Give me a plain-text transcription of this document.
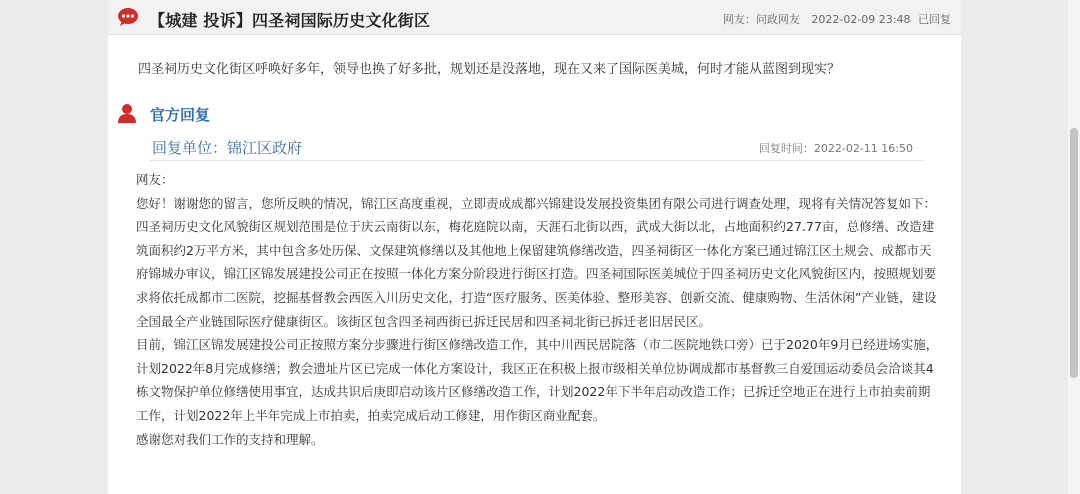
【城建 投诉】四圣祠国际历史文化街区	网友：问政网友 2022-02-09 23:48 已回复
四圣祠历史文化街区呼唤好多年，领导也换了好多批，规划还是没落地，现在又来了国际医美城，何时才能从蓝图到现实？
官方回复
回复单位：锦江区政府	回复时间：2022-02-11 16:50

网友：

您好！谢谢您的留言，您所反映的情况，锦江区高度重视，立即责成成都兴锦建设发展投资集团有限公司进行调查处理，现将有关情况答复如下：

四圣祠历史文化风貌街区规划范围是位于庆云南街以东，梅花庭院以南，天涯石北街以西，武成大街以北，占地面积约27.77亩，总修缮、改造建筑面积约2万平方米，其中包含多处历保、文保建筑修缮以及其他地上保留建筑修缮改造，四圣祠街区一体化方案已通过锦江区土规会、成都市天府锦城办审议，锦江区锦发展建投公司正在按照一体化方案分阶段进行街区打造。四圣祠国际医美城位于四圣祠历史文化风貌街区内，按照规划要求将依托成都市二医院，挖掘基督教会西医入川历史文化，打造“医疗服务、医美体验、整形美容、创新交流、健康购物、生活休闲”产业链，建设全国最全产业链国际医疗健康街区。该街区包含四圣祠西街已拆迁民居和四圣祠北街已拆迁老旧居民区。

目前，锦江区锦发展建投公司正按照方案分步骤进行街区修缮改造工作，其中川西民居院落（市二医院地铁口旁）已于2020年9月已经进场实施，计划2022年8月完成修缮；教会遗址片区已完成一体化方案设计，我区正在积极上报市级相关单位协调成都市基督教三自爱国运动委员会洽谈其4栋文物保护单位修缮使用事宜，达成共识后庚即启动该片区修缮改造工作，计划2022年下半年启动改造工作；已拆迁空地正在进行上市拍卖前期工作，计划2022年上半年完成上市拍卖，拍卖完成后动工修建，用作街区商业配套。

感谢您对我们工作的支持和理解。
